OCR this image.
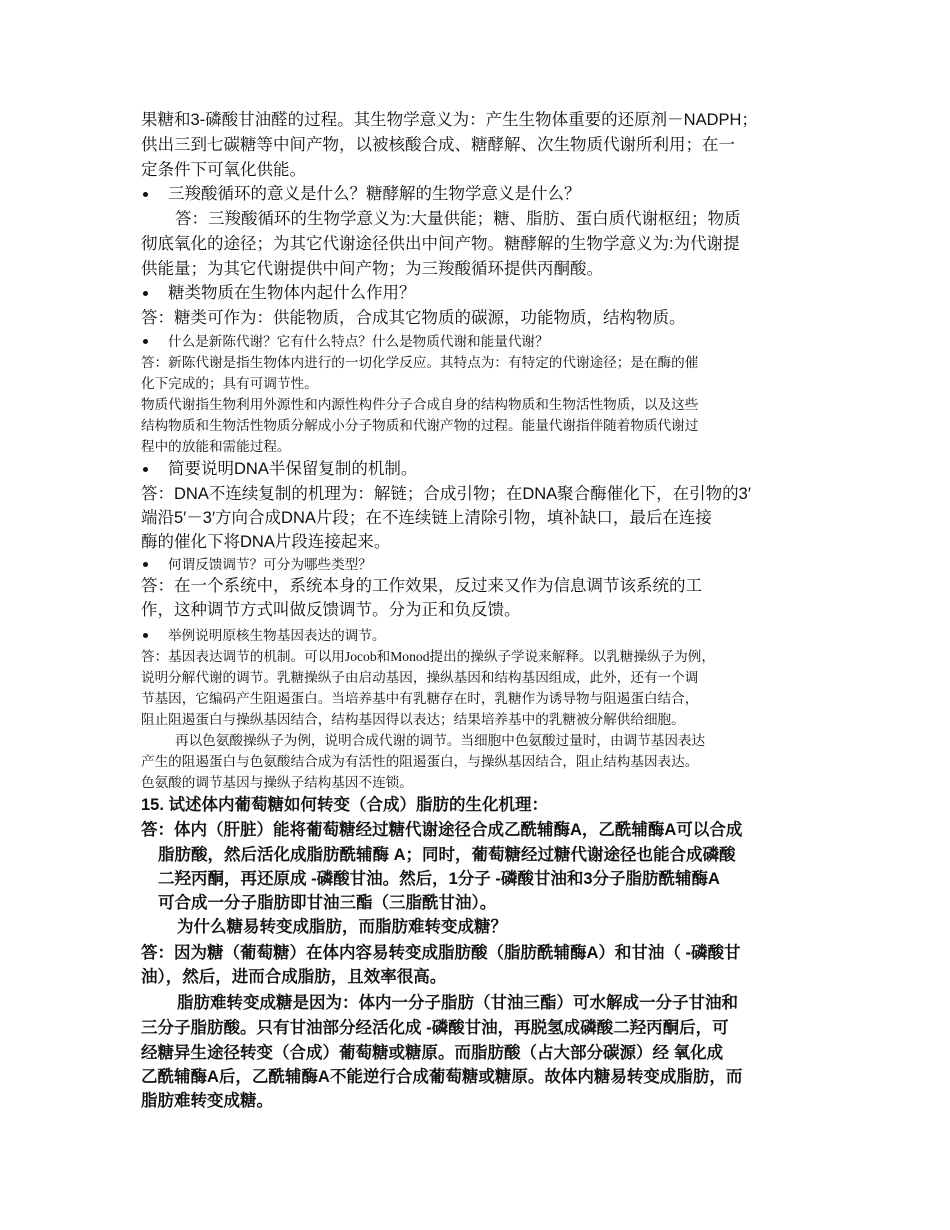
果糖和3-磷酸甘油醛的过程。其生物学意义为：产生生物体重要的还原剂－NADPH；
供出三到七碳糖等中间产物，以被核酸合成、糖酵解、次生物质代谢所利用；在一
定条件下可氧化供能。
三羧酸循环的意义是什么？糖酵解的生物学意义是什么？
答：三羧酸循环的生物学意义为:大量供能；糖、脂肪、蛋白质代谢枢纽；物质
彻底氧化的途径；为其它代谢途径供出中间产物。糖酵解的生物学意义为:为代谢提
供能量；为其它代谢提供中间产物；为三羧酸循环提供丙酮酸。
糖类物质在生物体内起什么作用？
答：糖类可作为：供能物质，合成其它物质的碳源，功能物质，结构物质。
什么是新陈代谢？它有什么特点？什么是物质代谢和能量代谢？
答：新陈代谢是指生物体内进行的一切化学反应。其特点为：有特定的代谢途径；是在酶的催
化下完成的；具有可调节性。
物质代谢指生物利用外源性和内源性构件分子合成自身的结构物质和生物活性物质，以及这些
结构物质和生物活性物质分解成小分子物质和代谢产物的过程。能量代谢指伴随着物质代谢过
程中的放能和需能过程。
简要说明DNA半保留复制的机制。
答：DNA不连续复制的机理为：解链；合成引物；在DNA聚合酶催化下，在引物的3′
端沿5′－3′方向合成DNA片段；在不连续链上清除引物，填补缺口，最后在连接
酶的催化下将DNA片段连接起来。
何谓反馈调节？可分为哪些类型？
答：在一个系统中，系统本身的工作效果，反过来又作为信息调节该系统的工
作，这种调节方式叫做反馈调节。分为正和负反馈。
举例说明原核生物基因表达的调节。
答：基因表达调节的机制。可以用Jocob和Monod提出的操纵子学说来解释。以乳糖操纵子为例，
说明分解代谢的调节。乳糖操纵子由启动基因，操纵基因和结构基因组成，此外，还有一个调
节基因，它编码产生阻遏蛋白。当培养基中有乳糖存在时，乳糖作为诱导物与阻遏蛋白结合，
阻止阻遏蛋白与操纵基因结合，结构基因得以表达；结果培养基中的乳糖被分解供给细胞。
再以色氨酸操纵子为例，说明合成代谢的调节。当细胞中色氨酸过量时，由调节基因表达
产生的阻遏蛋白与色氨酸结合成为有活性的阻遏蛋白，与操纵基因结合，阻止结构基因表达。
色氨酸的调节基因与操纵子结构基因不连锁。
15. 试述体内葡萄糖如何转变（合成）脂肪的生化机理：
答：体内（肝脏）能将葡萄糖经过糖代谢途径合成乙酰辅酶A，乙酰辅酶A可以合成
脂肪酸，然后活化成脂肪酰辅酶 A；同时，葡萄糖经过糖代谢途径也能合成磷酸
二羟丙酮，再还原成 -磷酸甘油。然后，1分子 -磷酸甘油和3分子脂肪酰辅酶A
可合成一分子脂肪即甘油三酯（三脂酰甘油）。
为什么糖易转变成脂肪，而脂肪难转变成糖？
答：因为糖（葡萄糖）在体内容易转变成脂肪酸（脂肪酰辅酶A）和甘油（ -磷酸甘
油），然后，进而合成脂肪，且效率很高。
脂肪难转变成糖是因为：体内一分子脂肪（甘油三酯）可水解成一分子甘油和
三分子脂肪酸。只有甘油部分经活化成 -磷酸甘油，再脱氢成磷酸二羟丙酮后，可
经糖异生途径转变（合成）葡萄糖或糖原。而脂肪酸（占大部分碳源）经 氧化成
乙酰辅酶A后，乙酰辅酶A不能逆行合成葡萄糖或糖原。故体内糖易转变成脂肪，而
脂肪难转变成糖。
